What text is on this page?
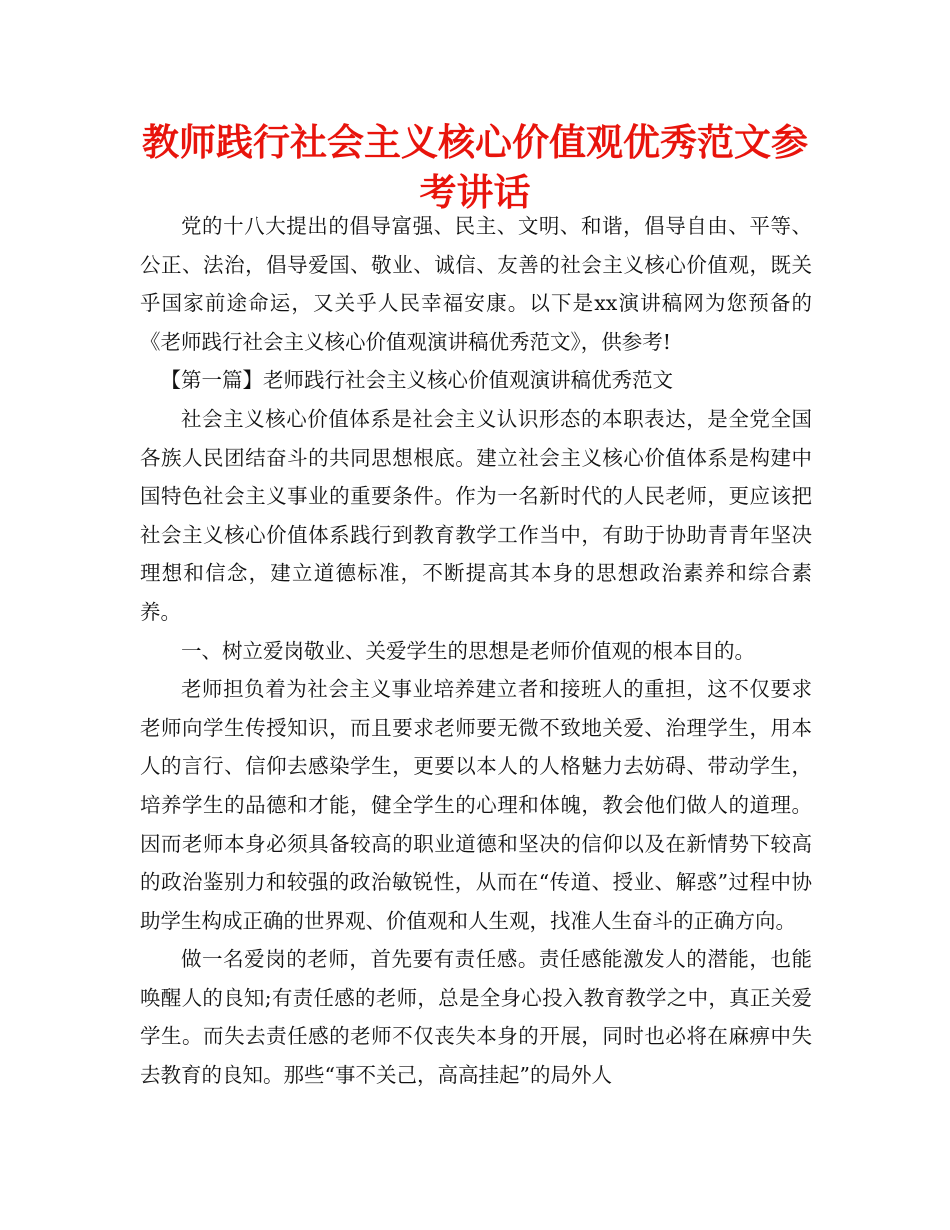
教师践行社会主义核心价值观优秀范文参考讲话

党的十八大提出的倡导富强、民主、文明、和谐，倡导自由、平等、公正、法治，倡导爱国、敬业、诚信、友善的社会主义核心价值观，既关乎国家前途命运，又关乎人民幸福安康。以下是xx演讲稿网为您预备的《老师践行社会主义核心价值观演讲稿优秀范文》，供参考!

【第一篇】老师践行社会主义核心价值观演讲稿优秀范文

社会主义核心价值体系是社会主义认识形态的本职表达，是全党全国各族人民团结奋斗的共同思想根底。建立社会主义核心价值体系是构建中国特色社会主义事业的重要条件。作为一名新时代的人民老师，更应该把社会主义核心价值体系践行到教育教学工作当中，有助于协助青青年坚决理想和信念，建立道德标准，不断提高其本身的思想政治素养和综合素养。

一、树立爱岗敬业、关爱学生的思想是老师价值观的根本目的。

老师担负着为社会主义事业培养建立者和接班人的重担，这不仅要求老师向学生传授知识，而且要求老师要无微不致地关爱、治理学生，用本人的言行、信仰去感染学生，更要以本人的人格魅力去妨碍、带动学生，培养学生的品德和才能，健全学生的心理和体魄，教会他们做人的道理。因而老师本身必须具备较高的职业道德和坚决的信仰以及在新情势下较高的政治鉴别力和较强的政治敏锐性，从而在“传道、授业、解惑”过程中协助学生构成正确的世界观、价值观和人生观，找准人生奋斗的正确方向。

做一名爱岗的老师，首先要有责任感。责任感能激发人的潜能，也能唤醒人的良知;有责任感的老师，总是全身心投入教育教学之中，真正关爱学生。而失去责任感的老师不仅丧失本身的开展，同时也必将在麻痹中失去教育的良知。那些“事不关己，高高挂起”的局外人
